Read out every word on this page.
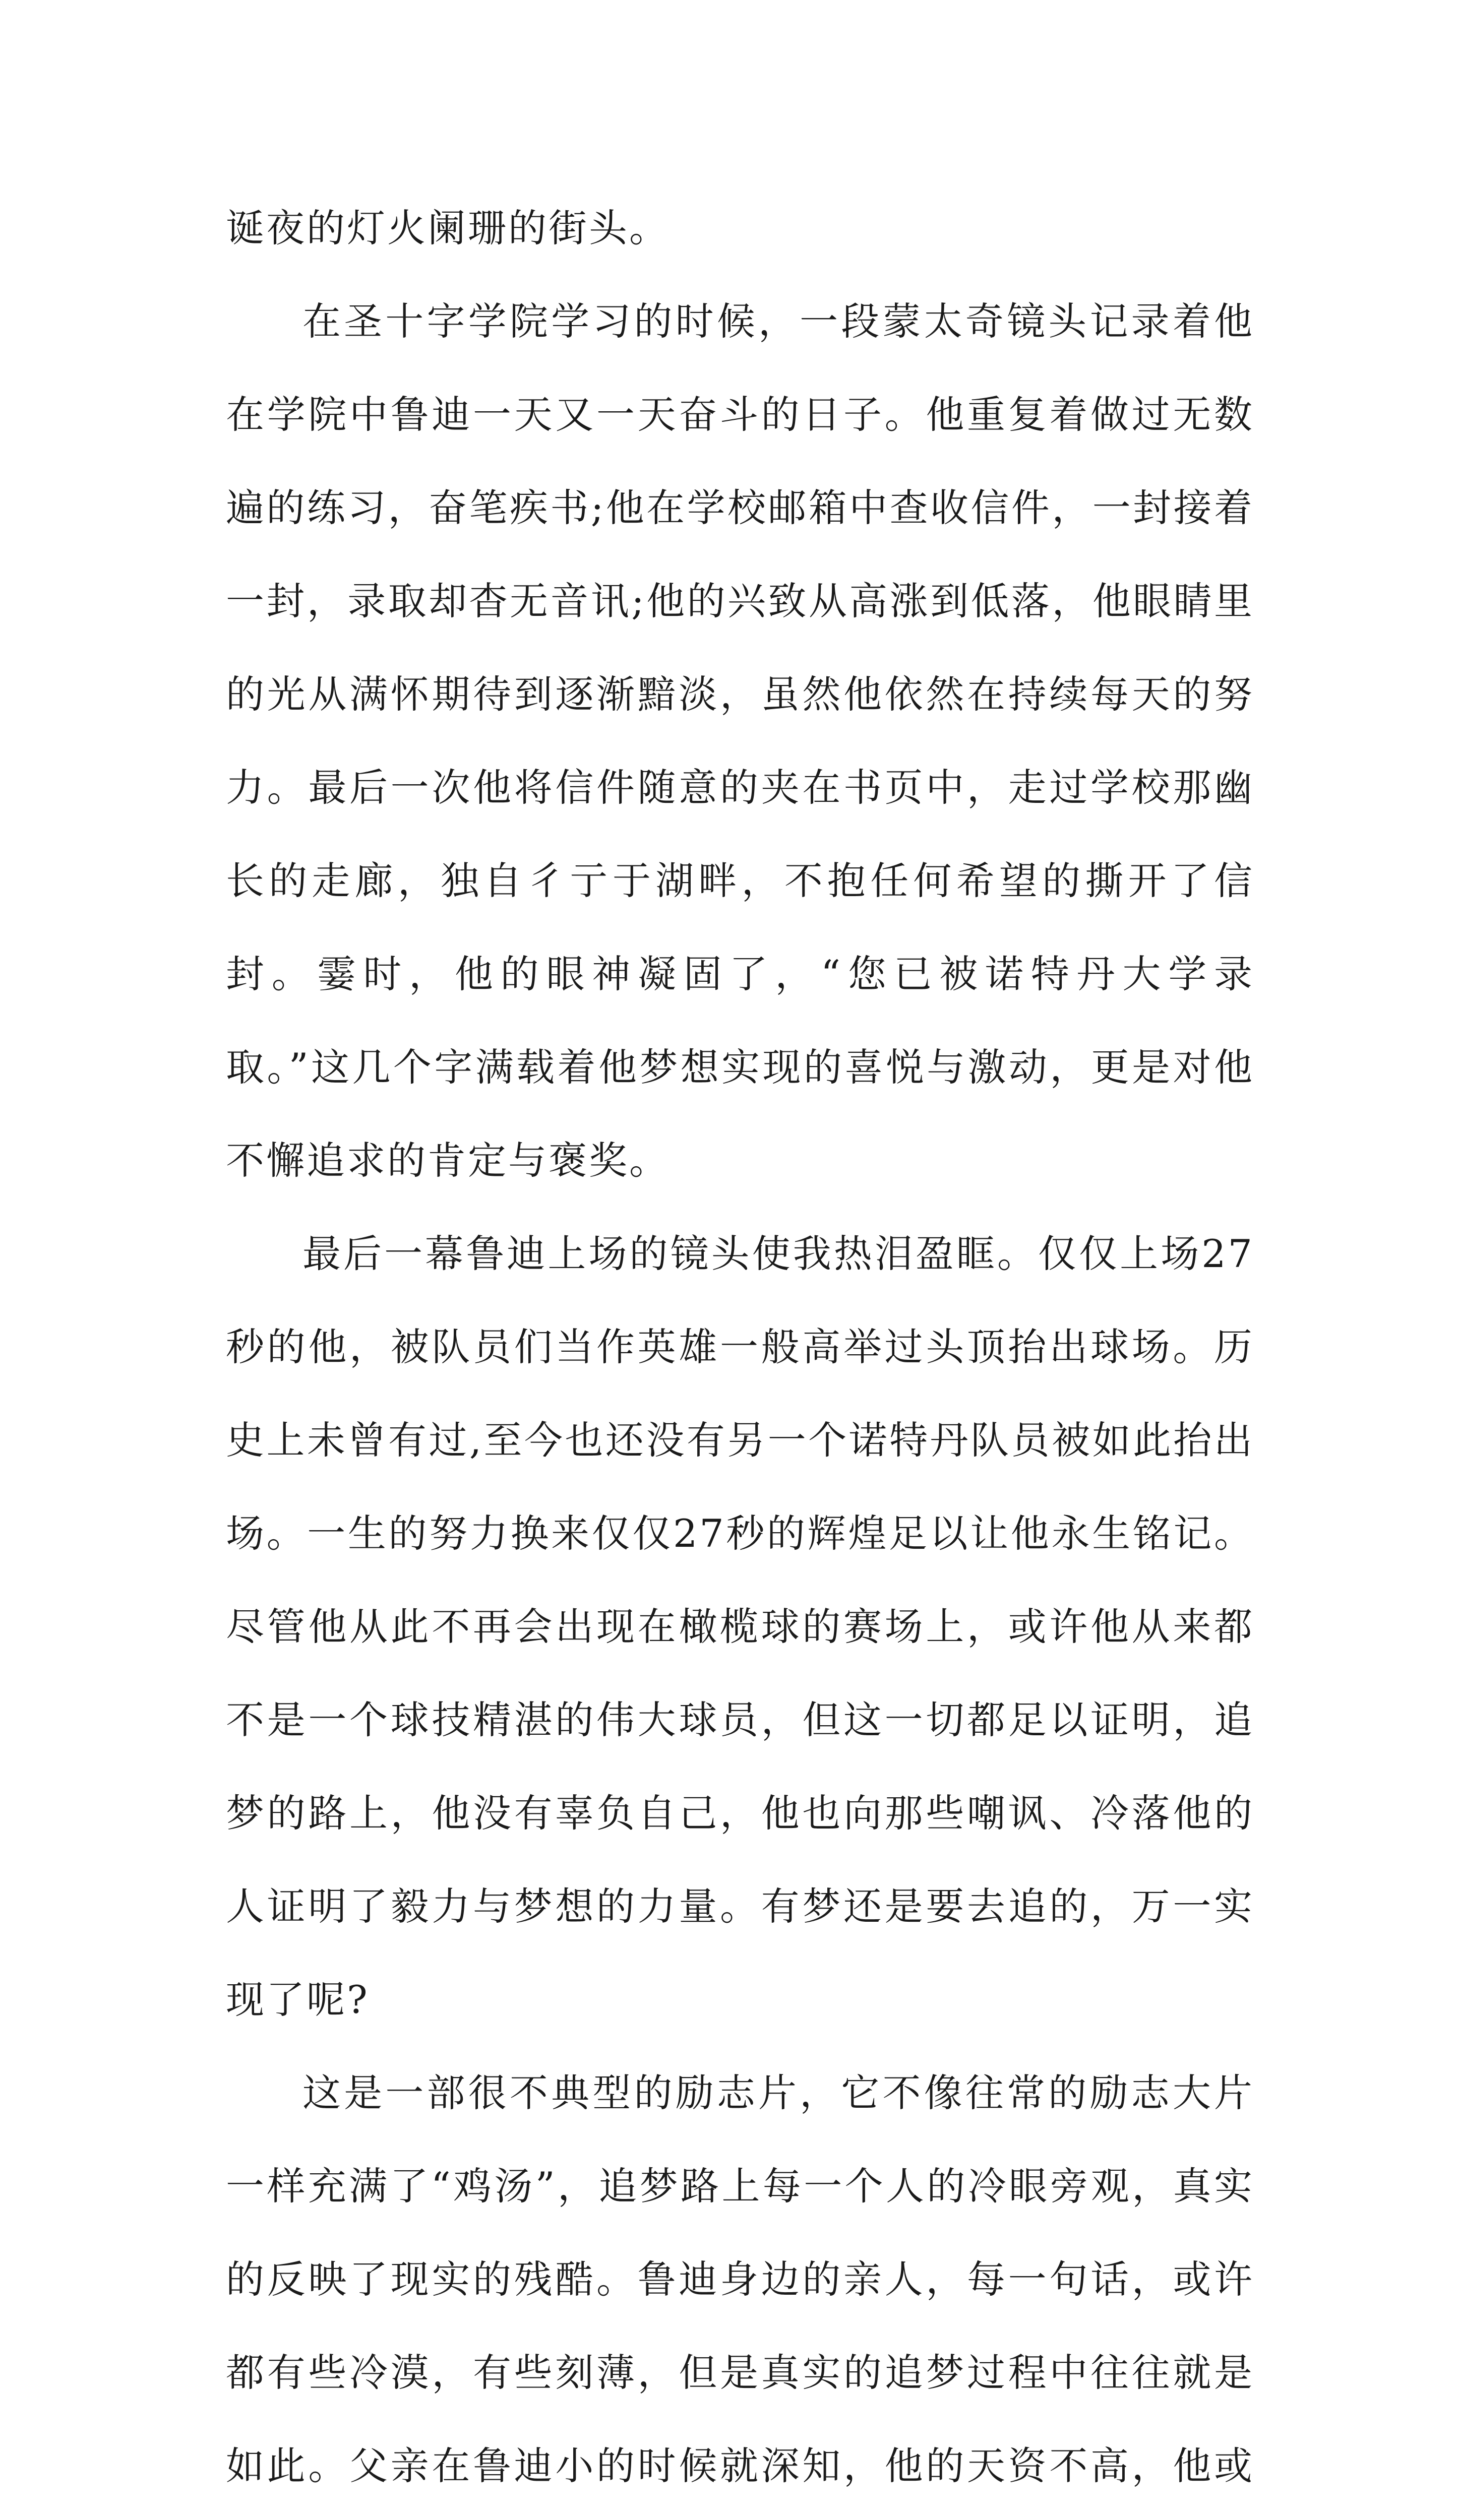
诞夜的灯火阑珊的街头。

在圣十字学院学习的时候，一段蒙太奇镜头记录着他在学院中鲁迪一天又一天奋斗的日子。他重复着做过无数遍的练习，奋笔疾书;他在学校邮箱中查收信件，一封接着一封，录取却杳无音讯;他的兴致从高涨到低落，他眼睛里的光从满怀期待到逐渐黯淡，虽然他依然在持续每天的努力。最后一次他将信件随意的夹在书页中，走过学校那幽长的走廊，独自彳亍于湖畔，不抱任何希望的撕开了信封。霎时，他的眼神凝固了，“您已被诺特丹大学录取。”这几个字满载着他梦想实现的喜悦与激动，更是对他不懈追求的肯定与褒奖。

最后一幕鲁迪上场的镜头使我热泪盈眶。仅仅上场27秒的他，被队员们当作英雄一般高举过头顶抬出球场。历史上未曾有过,至今也还没有另一个诺特丹队员被如此抬出场。一生的努力换来仅仅27秒的辉煌足以让他永生铭记。尽管他从此不再会出现在橄榄球的赛场上，或许他从来都不是一个球技精湛的伟大球员，但这一切都足以证明，追梦的路上，他没有辜负自己，他也向那些嘲讽、冷落他的人证明了毅力与梦想的力量。有梦还是要去追的，万一实现了呢?

这是一部很不典型的励志片，它不像往常的励志大片一样充满了“鸡汤”，追梦路上每一个人的冷眼旁观，真实的反映了现实的残酷。鲁迪身边的亲人，每一句话，或许都有些冷漠，有些刻薄，但是真实的追梦过程中往往就是如此。父亲在鲁迪小的时候就深知，他的天资不高，他或
